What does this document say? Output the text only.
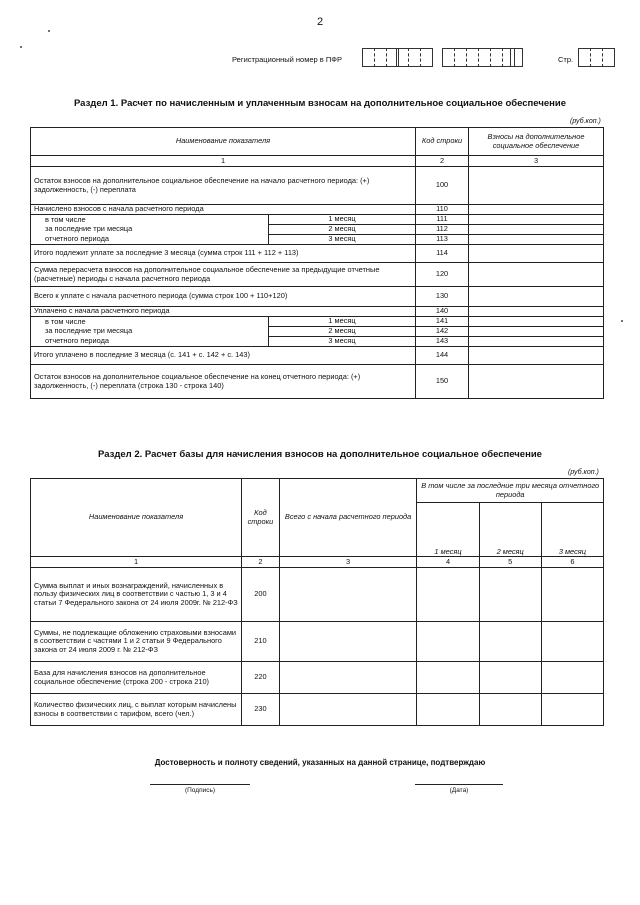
2
Регистрационный номер в ПФР	Стр.
Раздел 1. Расчет по начисленным и уплаченным взносам на дополнительное социальное обеспечение
(руб.коп.)
Наименование показателя		Код строки	Взносы на дополнительное социальное обеспечение
1		2	3
Остаток взносов на дополнительное социальное обеспечение на начало расчетного периода: (+) задолженность, (-) переплата		100	
Начислено взносов с начала расчетного периода		110	
в том числе	1 месяц	111	
за последние три месяца	2 месяц	112	
отчетного периода	3 месяц	113	
Итого подлежит уплате за последние 3 месяца (сумма строк 111 + 112 + 113)		114	
Сумма перерасчета взносов на дополнительное социальное обеспечение за предыдущие отчетные (расчетные) периоды с начала расчетного периода		120	
Всего к уплате с начала расчетного периода (сумма строк 100 + 110+120)		130	
Уплачено с начала расчетного периода		140	
в том числе	1 месяц	141	
за последние три месяца	2 месяц	142	
отчетного периода	3 месяц	143	
Итого уплачено в последние 3 месяца (с. 141 + с. 142 + с. 143)		144	
Остаток взносов на дополнительное социальное обеспечение на конец отчетного периода: (+) задолженность, (-) переплата (строка 130 - строка 140)		150	
Раздел 2. Расчет базы для начисления взносов на дополнительное социальное обеспечение
(руб.коп.)
Наименование показателя	Код строки	Всего с начала расчетного периода	В том числе за последние три месяца отчетного периода		
			1 месяц	2 месяц	3 месяц
1	2	3	4	5	6
Сумма выплат и иных вознаграждений, начисленных в пользу физических лиц в соответствии с частью 1, 3 и 4 статьи 7 Федерального закона от 24 июля 2009г. № 212-ФЗ	200				
Суммы, не подлежащие обложению страховыми взносами в соответствии с частями 1 и 2 статьи 9 Федерального закона от 24 июля 2009 г. № 212-ФЗ	210				
База для начисления взносов на дополнительное социальное обеспечение (строка 200 - строка 210)	220				
Количество физических лиц, с выплат которым начислены взносы в соответствии с тарифом, всего (чел.)	230				
Достоверность и полноту сведений, указанных на данной странице, подтверждаю
(Подпись)	(Дата)
